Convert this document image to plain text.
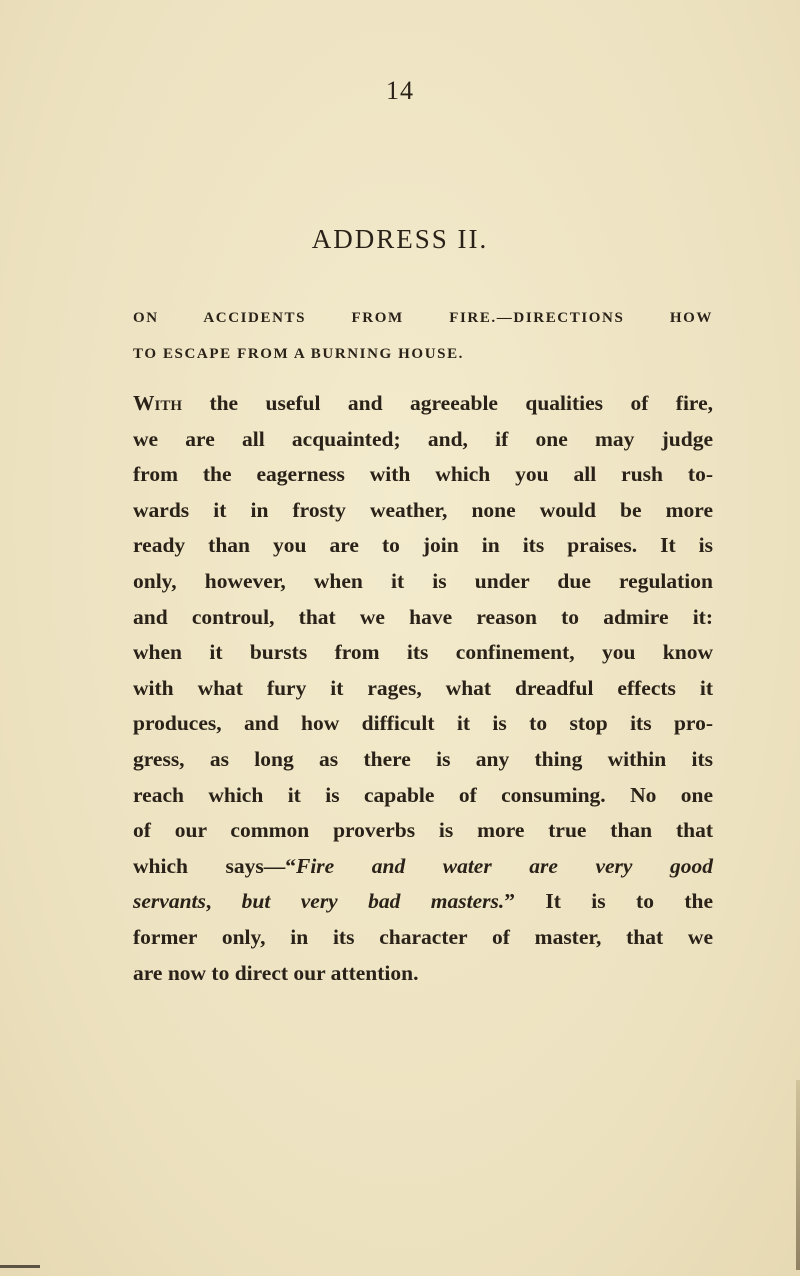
14
ADDRESS II.
ON ACCIDENTS FROM FIRE.—DIRECTIONS HOW
TO ESCAPE FROM A BURNING HOUSE.
With the useful and agreeable qualities of fire,
we are all acquainted; and, if one may judge
from the eagerness with which you all rush to-
wards it in frosty weather, none would be more
ready than you are to join in its praises. It is
only, however, when it is under due regulation
and controul, that we have reason to admire it:
when it bursts from its confinement, you know
with what fury it rages, what dreadful effects it
produces, and how difficult it is to stop its pro-
gress, as long as there is any thing within its
reach which it is capable of consuming. No one
of our common proverbs is more true than that
which says—“Fire and water are very good
servants, but very bad masters.” It is to the
former only, in its character of master, that we
are now to direct our attention.
